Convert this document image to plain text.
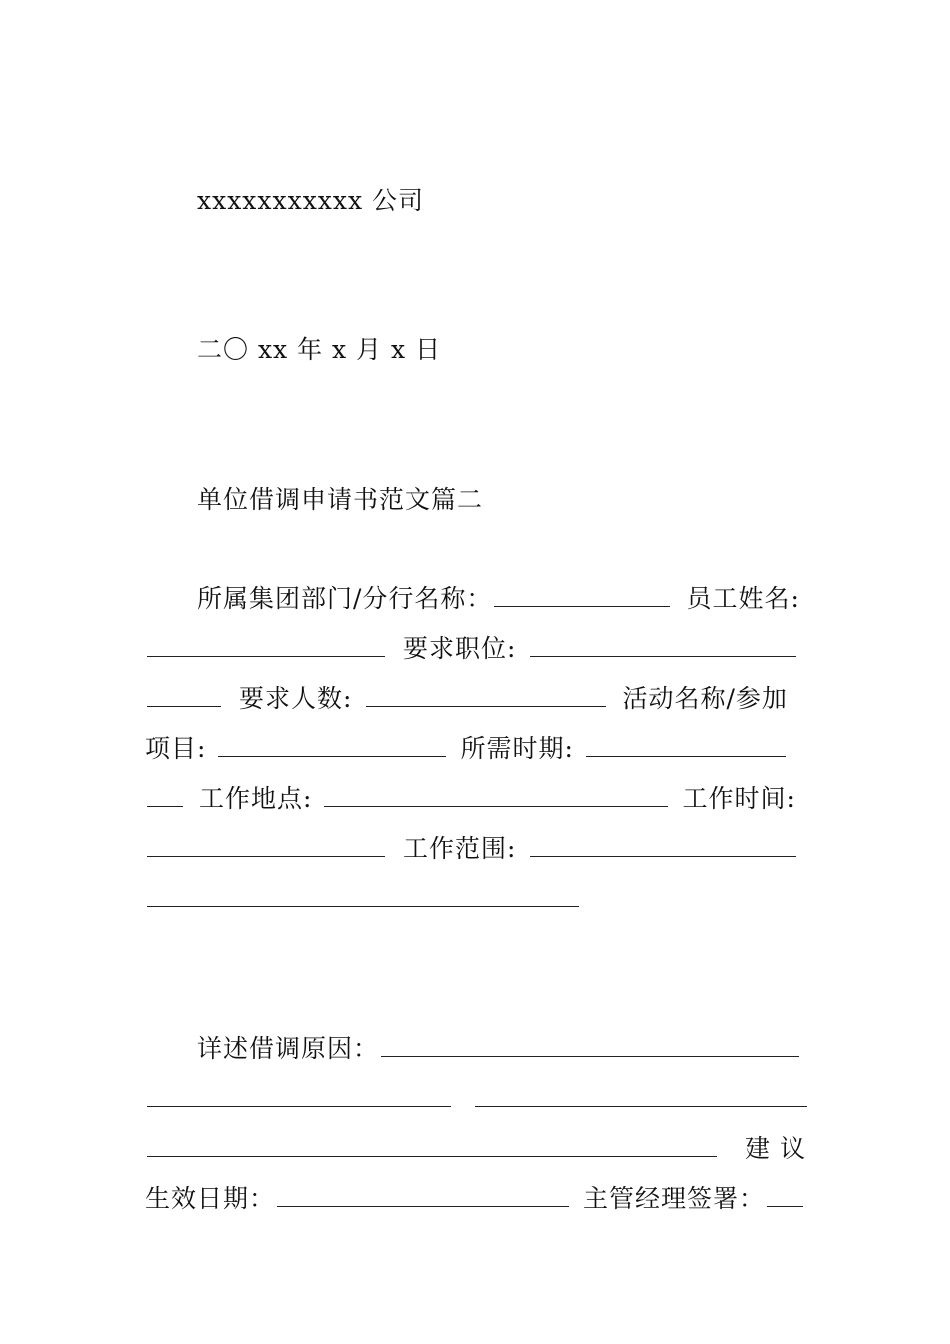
xxxxxxxxxxx 公司
二〇 xx 年 x 月 x 日
单位借调申请书范文篇二
所属集团部门/分行名称：	员工姓名:
要求职位:
要求人数:	活动名称/参加
项目:	所需时期:
工作地点:	工作时间:
工作范围:
详述借调原因：
建 议
生效日期：	主管经理签署：
